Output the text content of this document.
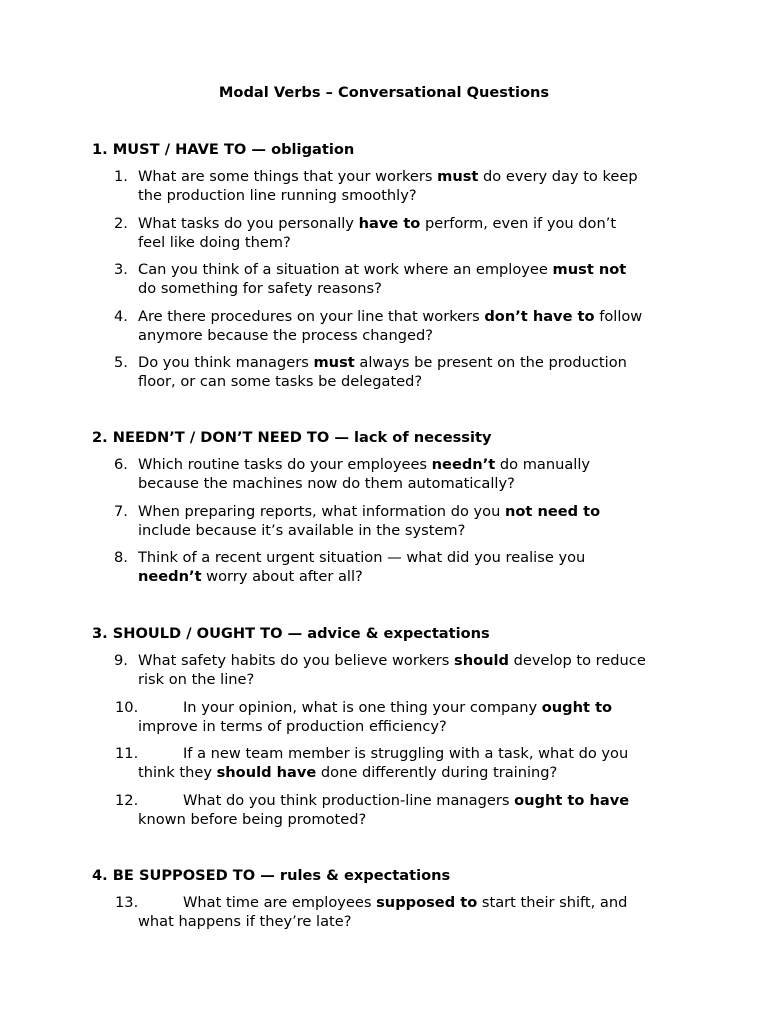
Modal Verbs – Conversational Questions
1. MUST / HAVE TO — obligation
1. What are some things that your workers must do every day to keep
the production line running smoothly?
2. What tasks do you personally have to perform, even if you don’t
feel like doing them?
3. Can you think of a situation at work where an employee must not
do something for safety reasons?
4. Are there procedures on your line that workers don’t have to follow
anymore because the process changed?
5. Do you think managers must always be present on the production
floor, or can some tasks be delegated?
2. NEEDN’T / DON’T NEED TO — lack of necessity
6. Which routine tasks do your employees needn’t do manually
because the machines now do them automatically?
7. When preparing reports, what information do you not need to
include because it’s available in the system?
8. Think of a recent urgent situation — what did you realise you
needn’t worry about after all?
3. SHOULD / OUGHT TO — advice & expectations
9. What safety habits do you believe workers should develop to reduce
risk on the line?
10.	In your opinion, what is one thing your company ought to
improve in terms of production efficiency?
11.	If a new team member is struggling with a task, what do you
think they should have done differently during training?
12.	What do you think production-line managers ought to have
known before being promoted?
4. BE SUPPOSED TO — rules & expectations
13.	What time are employees supposed to start their shift, and
what happens if they’re late?
